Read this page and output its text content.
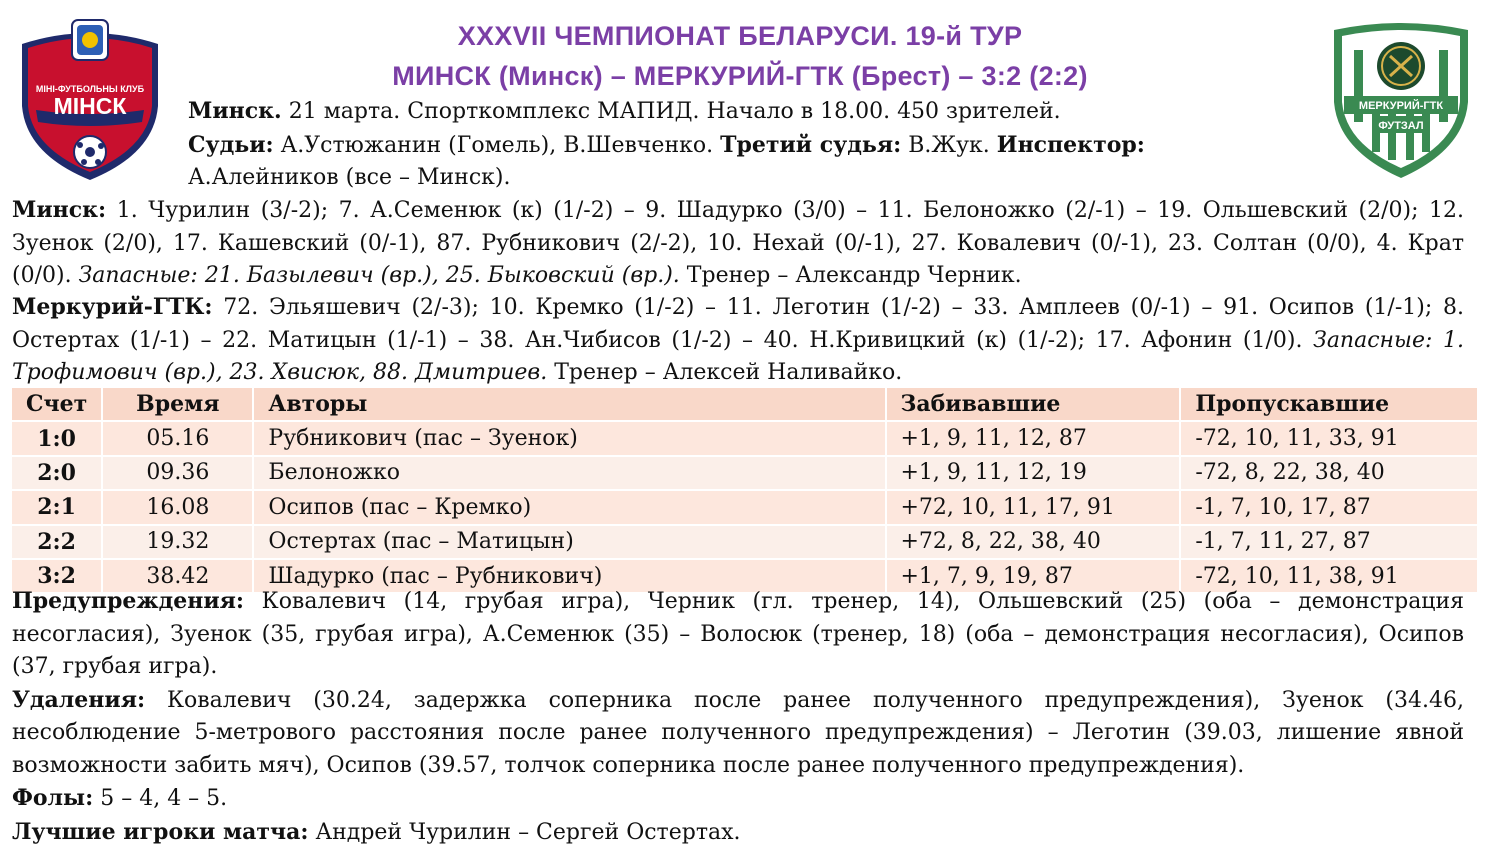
МІНІ-ФУТБОЛЬНЫ КЛУБ
МІНСК	МЕРКУРИЙ-ГТК
ФУТЗАЛ
XXXVII ЧЕМПИОНАТ БЕЛАРУСИ. 19-й ТУР
МИНСК (Минск) – МЕРКУРИЙ-ГТК (Брест) – 3:2 (2:2)
Минск. 21 марта. Спорткомплекс МАПИД. Начало в 18.00. 450 зрителей.
Судьи: А.Устюжанин (Гомель), В.Шевченко. Третий судья: В.Жук. Инспектор:
А.Алейников (все – Минск).

Минск: 1. Чурилин (3/-2); 7. А.Семенюк (к) (1/-2) – 9. Шадурко (3/0) – 11. Белоножко (2/-1) – 19. Ольшевский (2/0); 12. Зуенок (2/0), 17. Кашевский (0/-1), 87. Рубникович (2/-2), 10. Нехай (0/-1), 27. Ковалевич (0/-1), 23. Солтан (0/0), 4. Крат (0/0). Запасные: 21. Базылевич (вр.), 25. Быковский (вр.). Тренер – Александр Черник.

Меркурий-ГТК: 72. Эльяшевич (2/-3); 10. Кремко (1/-2) – 11. Леготин (1/-2) – 33. Амплеев (0/-1) – 91. Осипов (1/-1); 8. Остертах (1/-1) – 22. Матицын (1/-1) – 38. Ан.Чибисов (1/-2) – 40. Н.Кривицкий (к) (1/-2); 17. Афонин (1/0). Запасные: 1. Трофимович (вр.), 23. Хвисюк, 88. Дмитриев. Тренер – Алексей Наливайко.

Счет	Время	Авторы	Забивавшие	Пропускавшие
1:0	05.16	Рубникович (пас – Зуенок)	+1, 9, 11, 12, 87	-72, 10, 11, 33, 91
2:0	09.36	Белоножко	+1, 9, 11, 12, 19	-72, 8, 22, 38, 40
2:1	16.08	Осипов (пас – Кремко)	+72, 10, 11, 17, 91	-1, 7, 10, 17, 87
2:2	19.32	Остертах (пас – Матицын)	+72, 8, 22, 38, 40	-1, 7, 11, 27, 87
3:2	38.42	Шадурко (пас – Рубникович)	+1, 7, 9, 19, 87	-72, 10, 11, 38, 91

Предупреждения: Ковалевич (14, грубая игра), Черник (гл. тренер, 14), Ольшевский (25) (оба – демонстрация несогласия), Зуенок (35, грубая игра), А.Семенюк (35) – Волосюк (тренер, 18) (оба – демонстрация несогласия), Осипов (37, грубая игра).

Удаления: Ковалевич (30.24, задержка соперника после ранее полученного предупреждения), Зуенок (34.46, несоблюдение 5-метрового расстояния после ранее полученного предупреждения) – Леготин (39.03, лишение явной возможности забить мяч), Осипов (39.57, толчок соперника после ранее полученного предупреждения).

Фолы: 5 – 4, 4 – 5.

Лучшие игроки матча: Андрей Чурилин – Сергей Остертах.
